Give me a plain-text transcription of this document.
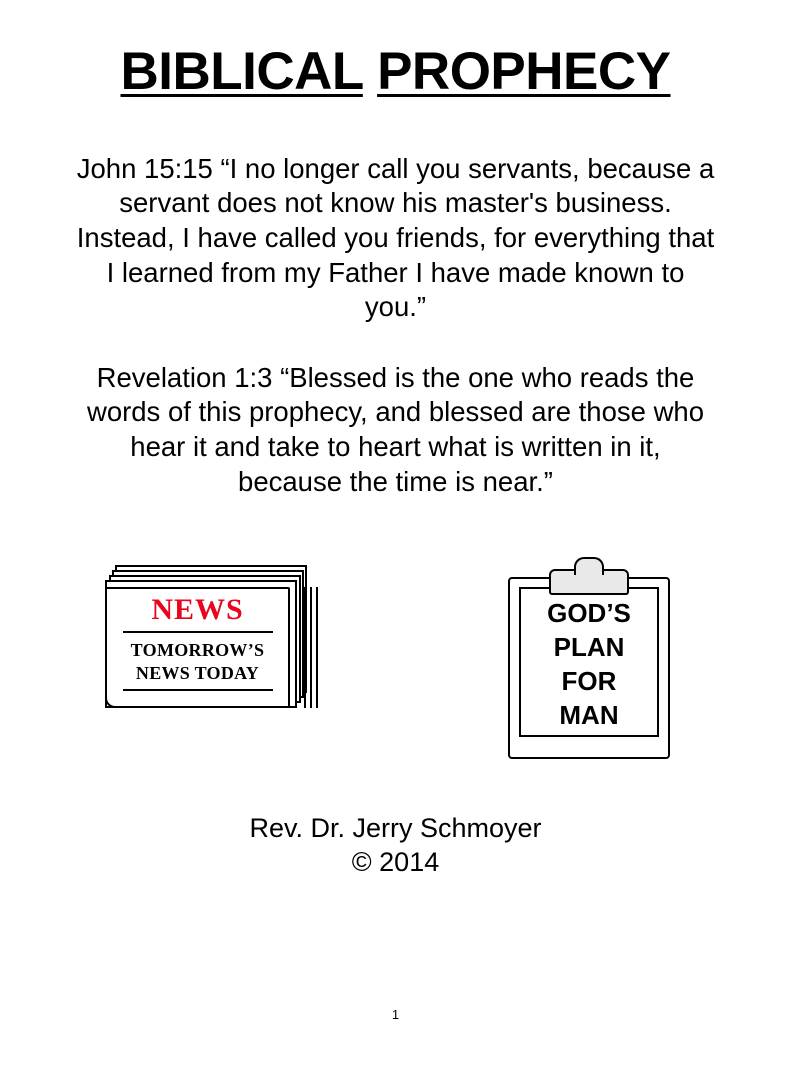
BIBLICAL PROPHECY

John 15:15 “I no longer call you servants, because a servant does not know his master's business. Instead, I have called you friends, for everything that I learned from my Father I have made known to you.”

Revelation 1:3 “Blessed is the one who reads the words of this prophecy, and blessed are those who hear it and take to heart what is written in it, because the time is near.”

NEWS
TOMORROW’S
NEWS TODAY
GOD’S
PLAN
FOR
MAN
Rev. Dr. Jerry Schmoyer
© 2014
1
